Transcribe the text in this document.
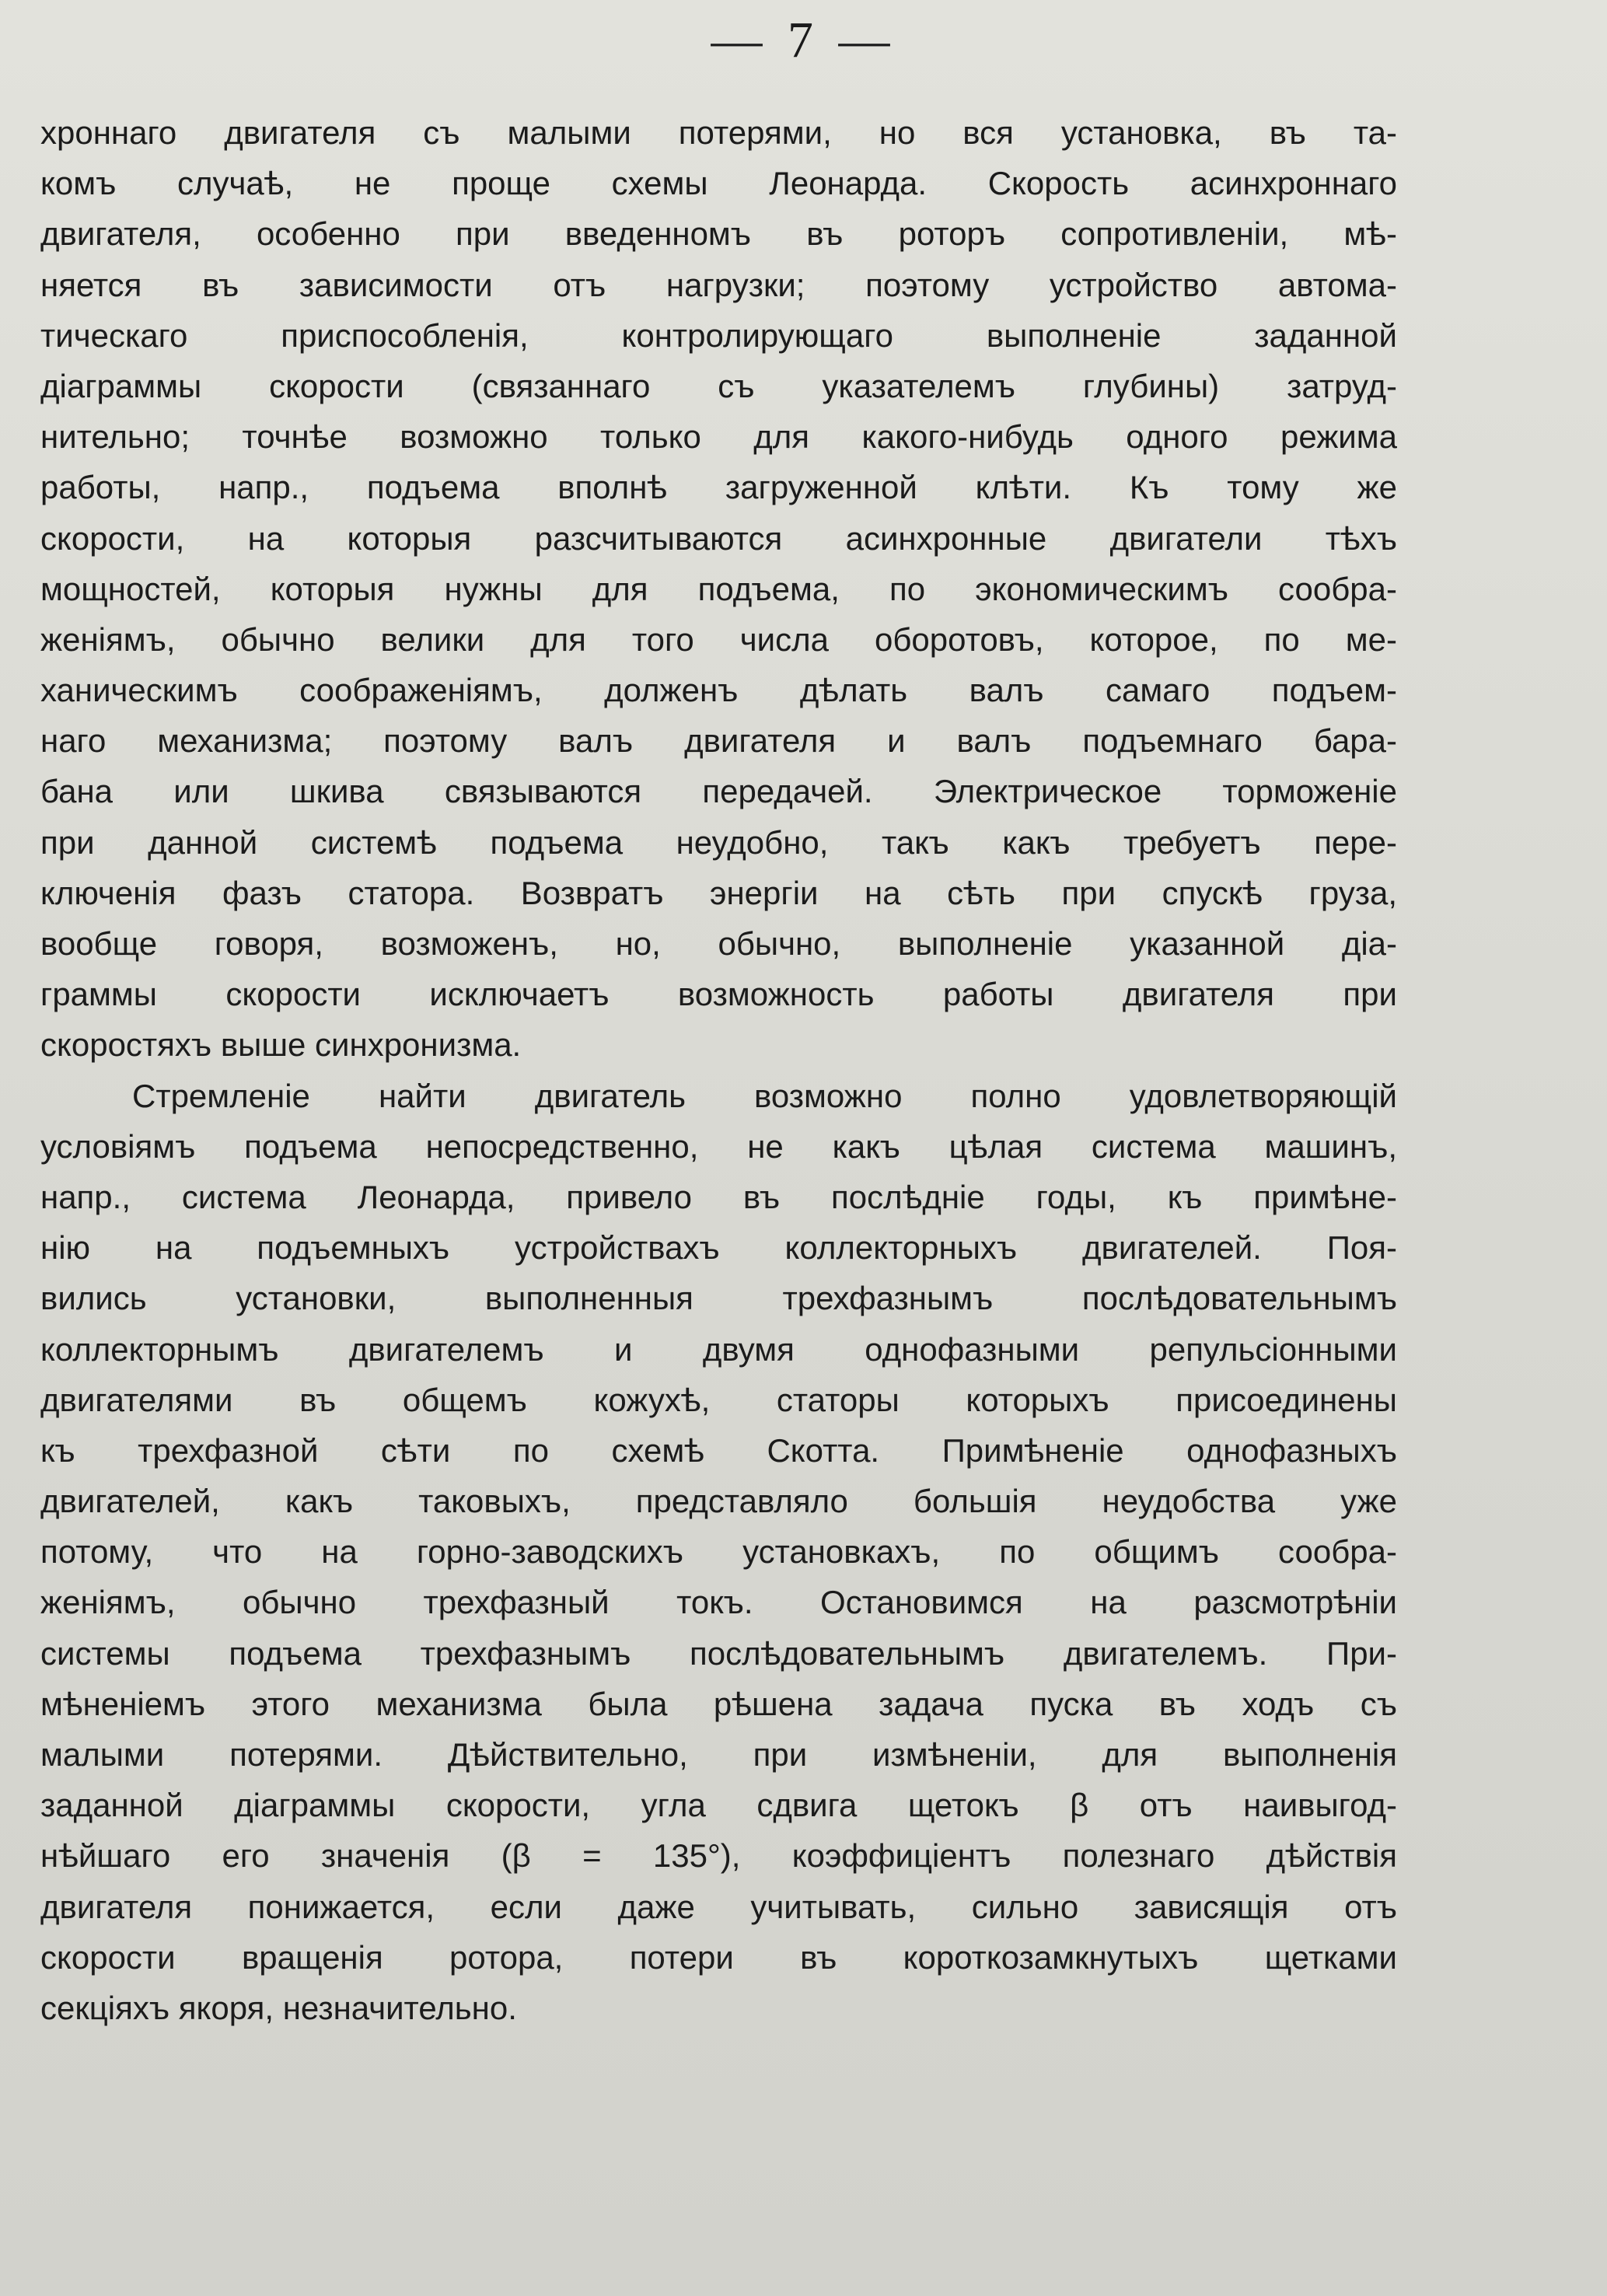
— 7 —
хроннаго двигателя съ малыми потерями, но вся установка, въ та-
комъ случаѣ, не проще схемы Леонарда. Скорость асинхроннаго
двигателя, особенно при введенномъ въ роторъ сопротивленіи, мѣ-
няется въ зависимости отъ нагрузки; поэтому устройство автома-
тическаго приспособленія, контролирующаго выполненіе заданной
діаграммы скорости (связаннаго съ указателемъ глубины) затруд-
нительно; точнѣе возможно только для какого-нибудь одного режима
работы, напр., подъема вполнѣ загруженной клѣти. Къ тому же
скорости, на которыя разсчитываются асинхронные двигатели тѣхъ
мощностей, которыя нужны для подъема, по экономическимъ сообра-
женіямъ, обычно велики для того числа оборотовъ, которое, по ме-
ханическимъ соображеніямъ, долженъ дѣлать валъ самаго подъем-
наго механизма; поэтому валъ двигателя и валъ подъемнаго бара-
бана или шкива связываются передачей. Электрическое торможеніе
при данной системѣ подъема неудобно, такъ какъ требуетъ пере-
ключенія фазъ статора. Возвратъ энергіи на сѣть при спускѣ груза,
вообще говоря, возможенъ, но, обычно, выполненіе указанной діа-
граммы скорости исключаетъ возможность работы двигателя при
скоростяхъ выше синхронизма.
Стремленіе найти двигатель возможно полно удовлетворяющій
условіямъ подъема непосредственно, не какъ цѣлая система машинъ,
напр., система Леонарда, привело въ послѣдніе годы, къ примѣне-
нію на подъемныхъ устройствахъ коллекторныхъ двигателей. Поя-
вились установки, выполненныя трехфазнымъ послѣдовательнымъ
коллекторнымъ двигателемъ и двумя однофазными репульсіонными
двигателями въ общемъ кожухѣ, статоры которыхъ присоединены
къ трехфазной сѣти по схемѣ Скотта. Примѣненіе однофазныхъ
двигателей, какъ таковыхъ, представляло большія неудобства уже
потому, что на горно-заводскихъ установкахъ, по общимъ сообра-
женіямъ, обычно трехфазный токъ. Остановимся на разсмотрѣніи
системы подъема трехфазнымъ послѣдовательнымъ двигателемъ. При-
мѣненіемъ этого механизма была рѣшена задача пуска въ ходъ съ
малыми потерями. Дѣйствительно, при измѣненіи, для выполненія
заданной діаграммы скорости, угла сдвига щетокъ β отъ наивыгод-
нѣйшаго его значенія (β = 135°), коэффиціентъ полезнаго дѣйствія
двигателя понижается, если даже учитывать, сильно зависящія отъ
скорости вращенія ротора, потери въ короткозамкнутыхъ щетками
секціяхъ якоря, незначительно.
